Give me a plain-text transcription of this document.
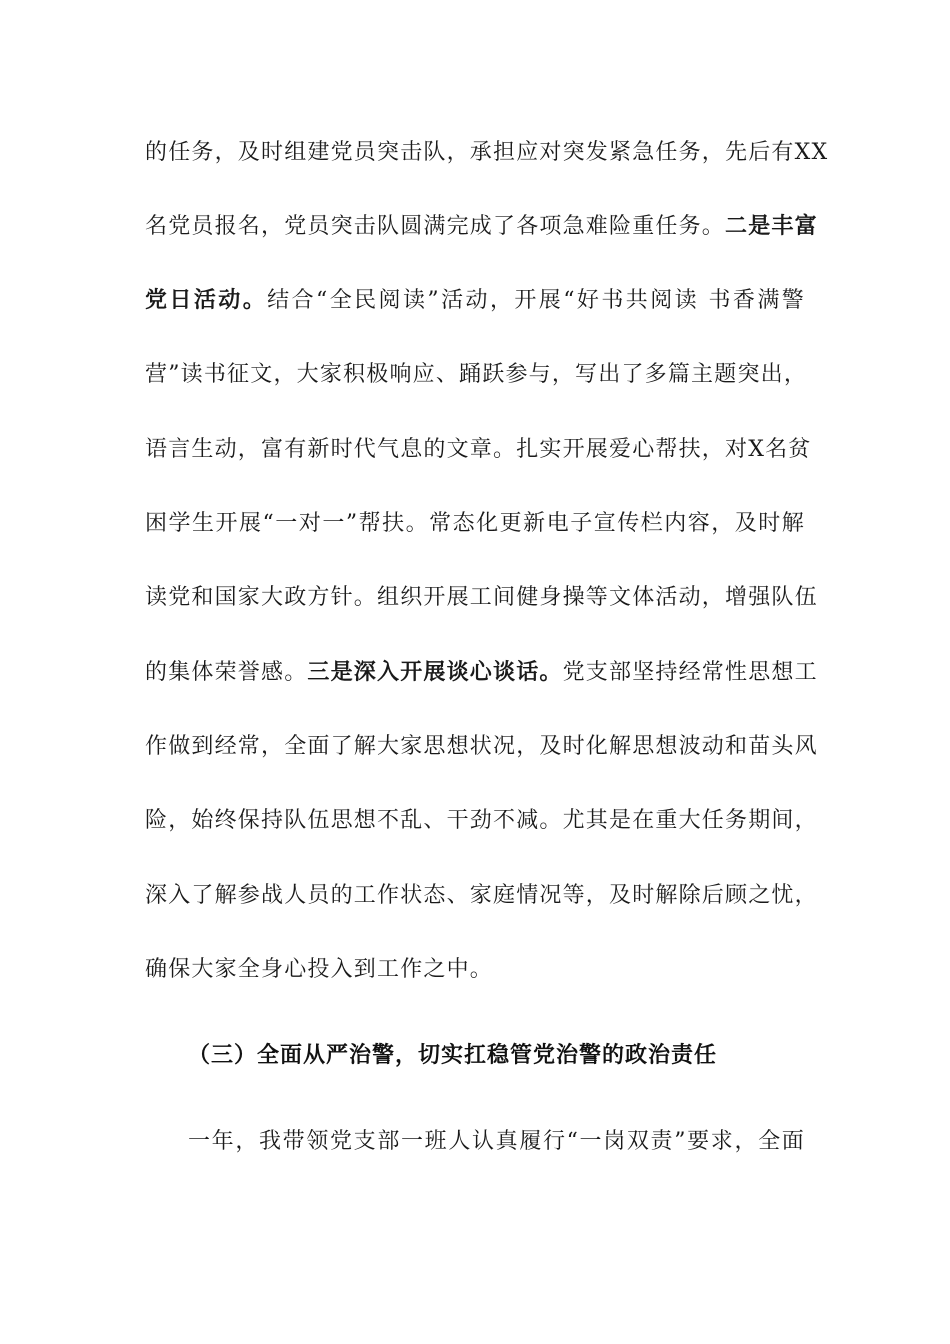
的任务，及时组建党员突击队，承担应对突发紧急任务，先后有XX
名党员报名，党员突击队圆满完成了各项急难险重任务。二是丰富
党日活动。结合“全民阅读”活动，开展“好书共阅读 书香满警
营”读书征文，大家积极响应、踊跃参与，写出了多篇主题突出，
语言生动，富有新时代气息的文章。扎实开展爱心帮扶，对X名贫
困学生开展“一对一”帮扶。常态化更新电子宣传栏内容，及时解
读党和国家大政方针。组织开展工间健身操等文体活动，增强队伍
的集体荣誉感。三是深入开展谈心谈话。党支部坚持经常性思想工
作做到经常，全面了解大家思想状况，及时化解思想波动和苗头风
险，始终保持队伍思想不乱、干劲不减。尤其是在重大任务期间，
深入了解参战人员的工作状态、家庭情况等，及时解除后顾之忧，
确保大家全身心投入到工作之中。
（三）全面从严治警，切实扛稳管党治警的政治责任
一年，我带领党支部一班人认真履行“一岗双责”要求，全面
